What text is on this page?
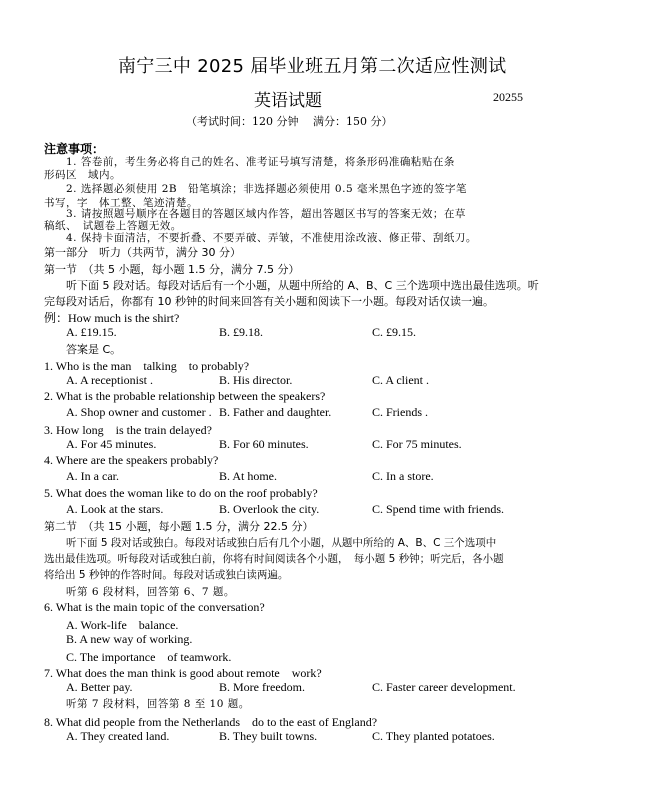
南宁三中 2025 届毕业班五月第二次适应性测试
英语试题	20255
（考试时间：120 分钟　 满分：150 分）
注意事项：
1. 答卷前，考生务必将自己的姓名、准考证号填写清楚，将条形码准确粘贴在条
形码区　域内。
2. 选择题必须使用 2B　铅笔填涂；非选择题必须使用 0.5 毫米黑色字迹的签字笔
书写，字　体工整、笔迹清楚。
3. 请按照题号顺序在各题目的答题区域内作答，超出答题区书写的答案无效；在草
稿纸、　试题卷上答题无效。
4. 保持卡面清洁，不要折叠、不要弄破、弄皱，不准使用涂改液、修正带、刮纸刀。
第一部分　听力（共两节，满分 30 分）
第一节　（共 5 小题，每小题 1.5 分，满分 7.5 分）
听下面 5 段对话。每段对话后有一个小题，从题中所给的 A、B、C 三个选项中选出最佳选项。听
完每段对话后，你都有 10 秒钟的时间来回答有关小题和阅读下一小题。每段对话仅读一遍。
例：How much is the shirt?
A. £19.15.	B. £9.18.	C. £9.15.
答案是 C。
1. Who is the man　talking　to probably?
A. A receptionist .	B. His director.	C. A client .
2. What is the probable relationship between the speakers?
A. Shop owner and customer . B. Father and daughter.	C. Friends .
3. How long　is the train delayed?
A. For 45 minutes.	B. For 60 minutes.	C. For 75 minutes.
4. Where are the speakers probably?
A. In a car.	B. At home.	C. In a store.
5. What does the woman like to do on the roof probably?
A. Look at the stars.	B. Overlook the city.	C. Spend time with friends.
第二节　（共 15 小题，每小题 1.5 分，满分 22.5 分）
听下面 5 段对话或独白。每段对话或独白后有几个小题，从题中所给的 A、B、C 三个选项中
选出最佳选项。听每段对话或独白前，你将有时间阅读各个小题，　每小题 5 秒钟；听完后，各小题
将给出 5 秒钟的作答时间。每段对话或独白读两遍。
听第 6 段材料，回答第 6、7 题。
6. What is the main topic of the conversation?
A. Work-life　balance.
B. A new way of working.
C. The importance　of teamwork.
7. What does the man think is good about remote　work?
A. Better pay.	B. More freedom.	C. Faster career development.
听第 7 段材料，回答第 8 至 10 题。
8. What did people from the Netherlands　do to the east of England?
A. They created land.	B. They built towns.	C. They planted potatoes.
